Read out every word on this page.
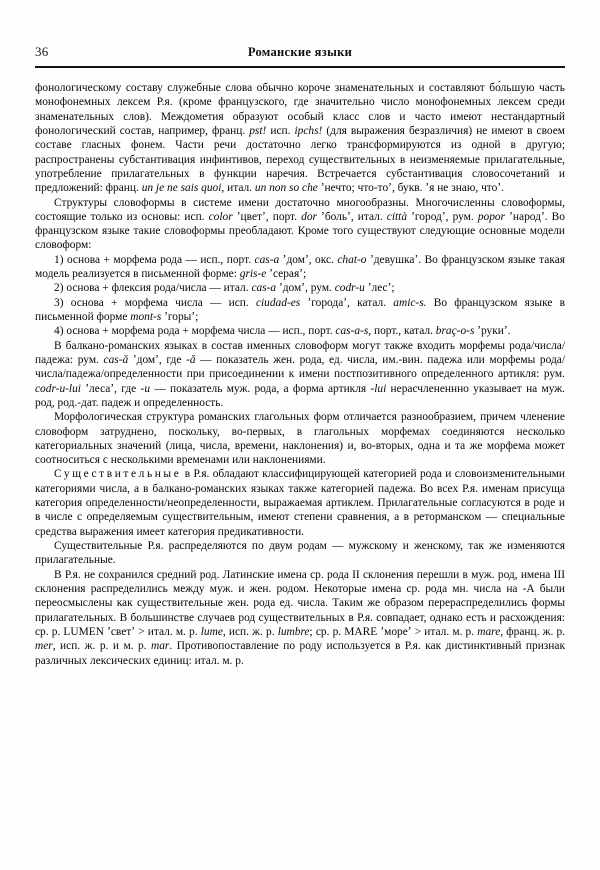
36	Романские языки

фонологическому составу служебные слова обычно короче знаменательных и составляют бо́льшую часть монофонемных лексем Р.я. (кроме французского, где значительно число монофонемных лексем среди знаменательных слов). Междометия образуют особый класс слов и часто имеют нестандартный фонологический состав, например, франц. pst! исп. ipchs! (для выражения безразличия) не имеют в своем составе гласных фонем. Части речи достаточно легко трансформируются из одной в другую; распространены субстантивация инфинтивов, переход существительных в неизменяемые прилагательные, употребление прилагательных в функции наречия. Встречается субстантивация словосочетаний и предложений: франц. un je ne sais quoi, итал. un non so che ʼнечто; что-тоʼ, букв. ʼя не знаю, чтоʼ.

Структуры словоформы в системе имени достаточно многообразны. Многочисленны словоформы, состоящие только из основы: исп. color ʼцветʼ, порт. dor ʼбольʼ, итал. città ʼгородʼ, рум. popor ʼнародʼ. Во французском языке такие словоформы преобладают. Кроме того существуют следующие основные модели словоформ:

1) основа + морфема рода — исп., порт. cas-a ʼдомʼ, окс. chat-o ʼдевушкаʼ. Во французском языке такая модель реализуется в письменной форме: gris-e ʼсераяʼ;

2) основа + флексия рода/числа — итал. cas-a ʼдомʼ, рум. codr-u ʼлесʼ;

3) основа + морфема числа — исп. ciudad-es ʼгородаʼ, катал. amic-s. Во французском языке в письменной форме mont-s ʼгорыʼ;

4) основа + морфема рода + морфема числа — исп., порт. cas-a-s, порт., катал. braç-o-s ʼрукиʼ.

В балкано-романских языках в состав именных словоформ могут также входить морфемы рода/числа/падежа: рум. cas-ă ʼдомʼ, где -ă — показатель жен. рода, ед. числа, им.-вин. падежа или морфемы рода/числа/падежа/определенности при присоединении к имени постпозитивного определенного артикля: рум. codr-u-lui ʼлесаʼ, где -u — показатель муж. рода, а форма артикля -lui нерасчлененнно указывает на муж. род, род.-дат. падеж и определенность.

Морфологическая структура романских глагольных форм отличается разнообразием, причем членение словоформ затруднено, поскольку, во-первых, в глагольных морфемах соединяются несколько категориальных значений (лица, числа, времени, наклонения) и, во-вторых, одна и та же морфема может соотноситься с несколькими временами или наклонениями.

Существительные в Р.я. обладают классифицирующей категорией рода и словоизменительными категориями числа, а в балкано-романских языках также категорией падежа. Во всех Р.я. именам присуща категория определенности/неопределенности, выражаемая артиклем. Прилагательные согласуются в роде и в числе с определяемым существительным, имеют степени сравнения, а в реторманском — специальные средства выражения имеет категория предикативности.

Существительные Р.я. распределяются по двум родам — мужскому и женскому, так же изменяются прилагательные.

В Р.я. не сохранился средний род. Латинские имена ср. рода II склонения перешли в муж. род, имена III склонения распределились между муж. и жен. родом. Некоторые имена ср. рода мн. числа на -А были переосмыслены как существительные жен. рода ед. числа. Таким же образом перераспределились формы прилагательных. В большинстве случаев род существительных в Р.я. совпадает, однако есть и расхождения: ср. р. LUMEN ʼсветʼ > итал. м. р. lume, исп. ж. р. lumbre; ср. р. MARE ʼмореʼ > итал. м. р. mare, франц. ж. р. mer, исп. ж. р. и м. р. mar. Противопоставление по роду используется в Р.я. как дистинктивный признак различных лексических единиц: итал. м. р.
